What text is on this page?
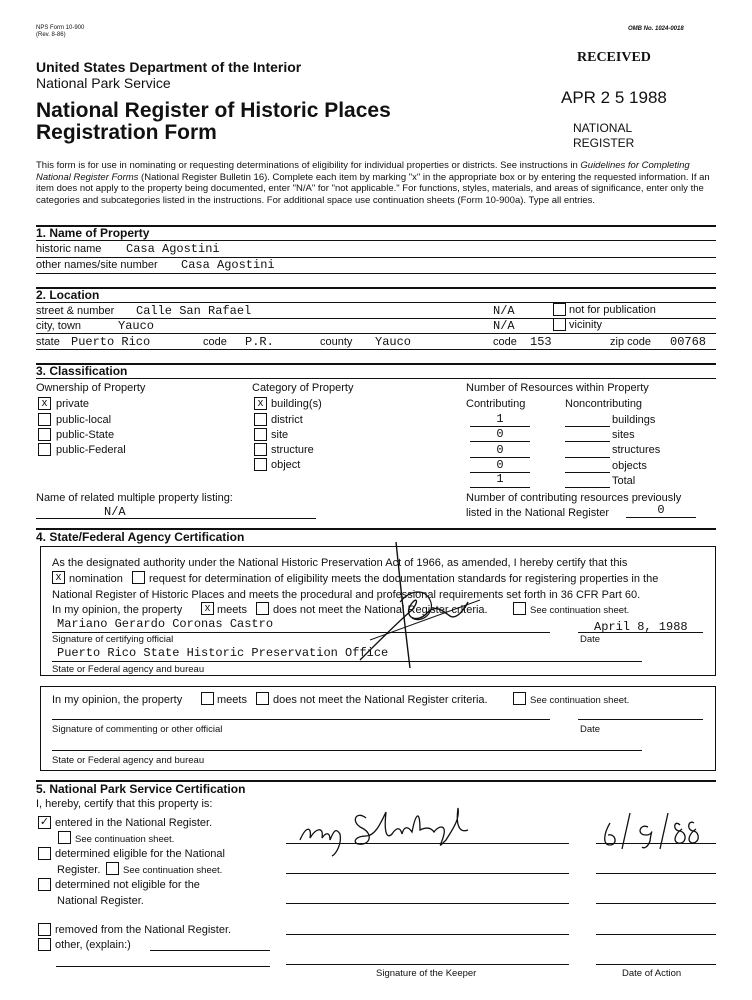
NPS Form 10-900
(Rev. 8-86)
OMB No. 1024-0018
United States Department of the Interior
National Park Service
National Register of Historic Places
Registration Form
RECEIVED
APR 2 5 1988
NATIONAL
REGISTER
This form is for use in nominating or requesting determinations of eligibility for individual properties or districts. See instructions in Guidelines for Completing National Register Forms (National Register Bulletin 16). Complete each item by marking "x" in the appropriate box or by entering the requested information. If an item does not apply to the property being documented, enter "N/A" for "not applicable." For functions, styles, materials, and areas of significance, enter only the categories and subcategories listed in the instructions. For additional space use continuation sheets (Form 10-900a). Type all entries.
1. Name of Property
historic name Casa Agostini
other names/site number Casa Agostini
2. Location
street & number Calle San Rafael	N/A	not for publication
city, town	Yauco	N/A	vicinity
state Puerto Rico	code P.R.	county Yauco	code 153	zip code 00768
3. Classification
Ownership of Property
x private
public-local
public-State
public-Federal
Category of Property
x building(s)
district
site
structure
object
Number of Resources within Property
Contributing	Noncontributing
1	buildings
0	sites
0	structures
0	objects
1	Total
Name of related multiple property listing:
N/A
Number of contributing resources previously
listed in the National Register	0
4. State/Federal Agency Certification
As the designated authority under the National Historic Preservation Act of 1966, as amended, I hereby certify that this
x nomination request for determination of eligibility meets the documentation standards for registering properties in the
National Register of Historic Places and meets the procedural and professional requirements set forth in 36 CFR Part 60.
In my opinion, the property	x meets does not meet the National Register criteria.	See continuation sheet.
Mariano Gerardo Coronas Castro	April 8, 1988
Signature of certifying official	Date
Puerto Rico State Historic Preservation Office
State or Federal agency and bureau
In my opinion, the property	meets does not meet the National Register criteria.	See continuation sheet.
Signature of commenting or other official	Date
State or Federal agency and bureau
5. National Park Service Certification
I, hereby, certify that this property is:
✓ entered in the National Register.
See continuation sheet.
determined eligible for the National
Register. See continuation sheet.
determined not eligible for the
National Register.
removed from the National Register.
other, (explain:)
Signature of the Keeper	Date of Action
